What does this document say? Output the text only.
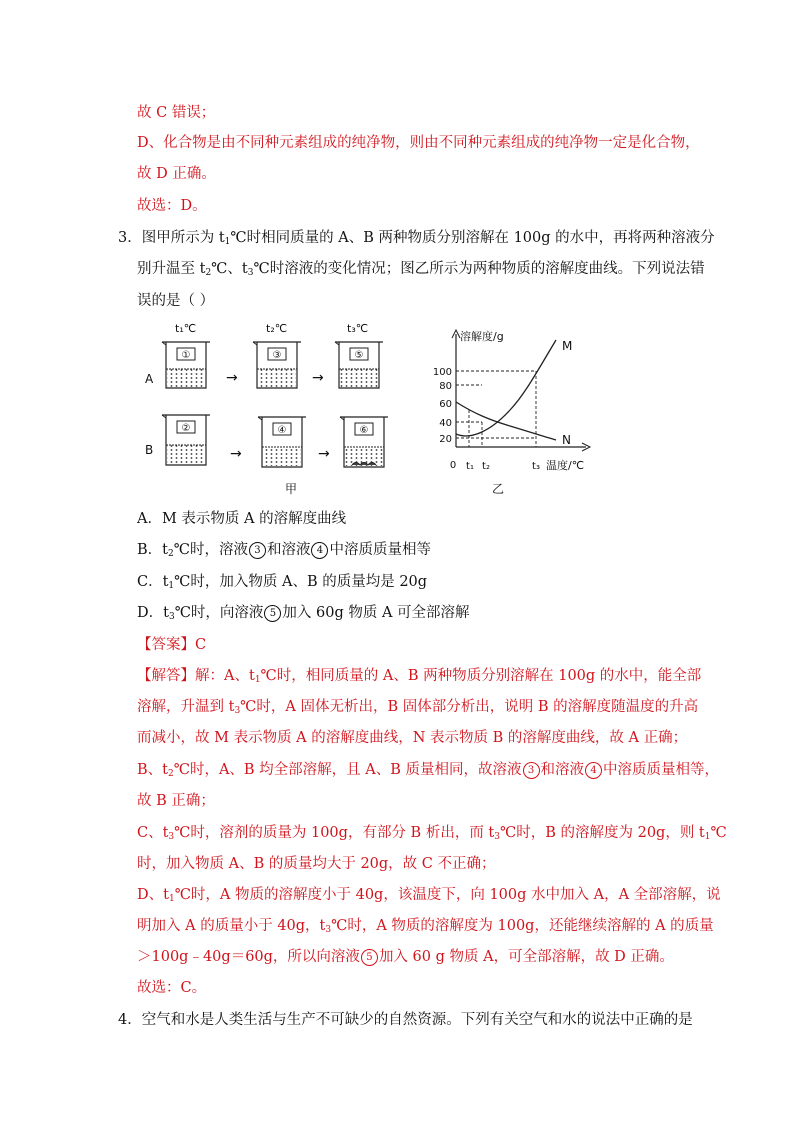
故 C 错误；
D、化合物是由不同种元素组成的纯净物，则由不同种元素组成的纯净物一定是化合物，
故 D 正确。
故选：D。
3．图甲所示为 $t_1℃$时相同质量的 A、B 两种物质分别溶解在 100g 的水中，再将两种溶液分
别升温至 $t_2℃$、$t_3℃$时溶液的变化情况；图乙所示为两种物质的溶解度曲线。下列说法错
误的是（ ）
t₁℃	t₂℃	t₃℃
A
B
①
→
③
→
⑤
②
→
④
→
⑥
甲
溶解度/g
100
80
60
40
20
M
N
0 t₁ t₂	t₃ 温度/℃
乙
A．M 表示物质 A 的溶解度曲线
B．$t_2℃$时，溶液 3 和溶液 4 中溶质质量相等
C．$t_1℃$时，加入物质 A、B 的质量均是 20g
D．$t_3℃$时，向溶液 5 加入 60g 物质 A 可全部溶解
【答案】C
【解答】解：A、$t_1℃$时，相同质量的 A、B 两种物质分别溶解在 100g 的水中，能全部
溶解，升温到 $t_3℃$时，A 固体无析出，B 固体部分析出，说明 B 的溶解度随温度的升高
而减小，故 M 表示物质 A 的溶解度曲线，N 表示物质 B 的溶解度曲线，故 A 正确；
B、$t_2℃$时，A、B 均全部溶解，且 A、B 质量相同，故溶液 3 和溶液 4 中溶质质量相等，
故 B 正确；
C、$t_3℃$时，溶剂的质量为 100g，有部分 B 析出，而 $t_3℃$时，B 的溶解度为 20g，则 $t_1℃$
时，加入物质 A、B 的质量均大于 20g，故 C 不正确；
D、$t_1℃$时，A 物质的溶解度小于 40g，该温度下，向 100g 水中加入 A，A 全部溶解，说
明加入 A 的质量小于 40g，$t_3℃$时，A 物质的溶解度为 100g，还能继续溶解的 A 的质量
＞100g﹣40g＝60g，所以向溶液 5 加入 60 g 物质 A，可全部溶解，故 D 正确。
故选：C。
4．空气和水是人类生活与生产不可缺少的自然资源。下列有关空气和水的说法中正确的是
